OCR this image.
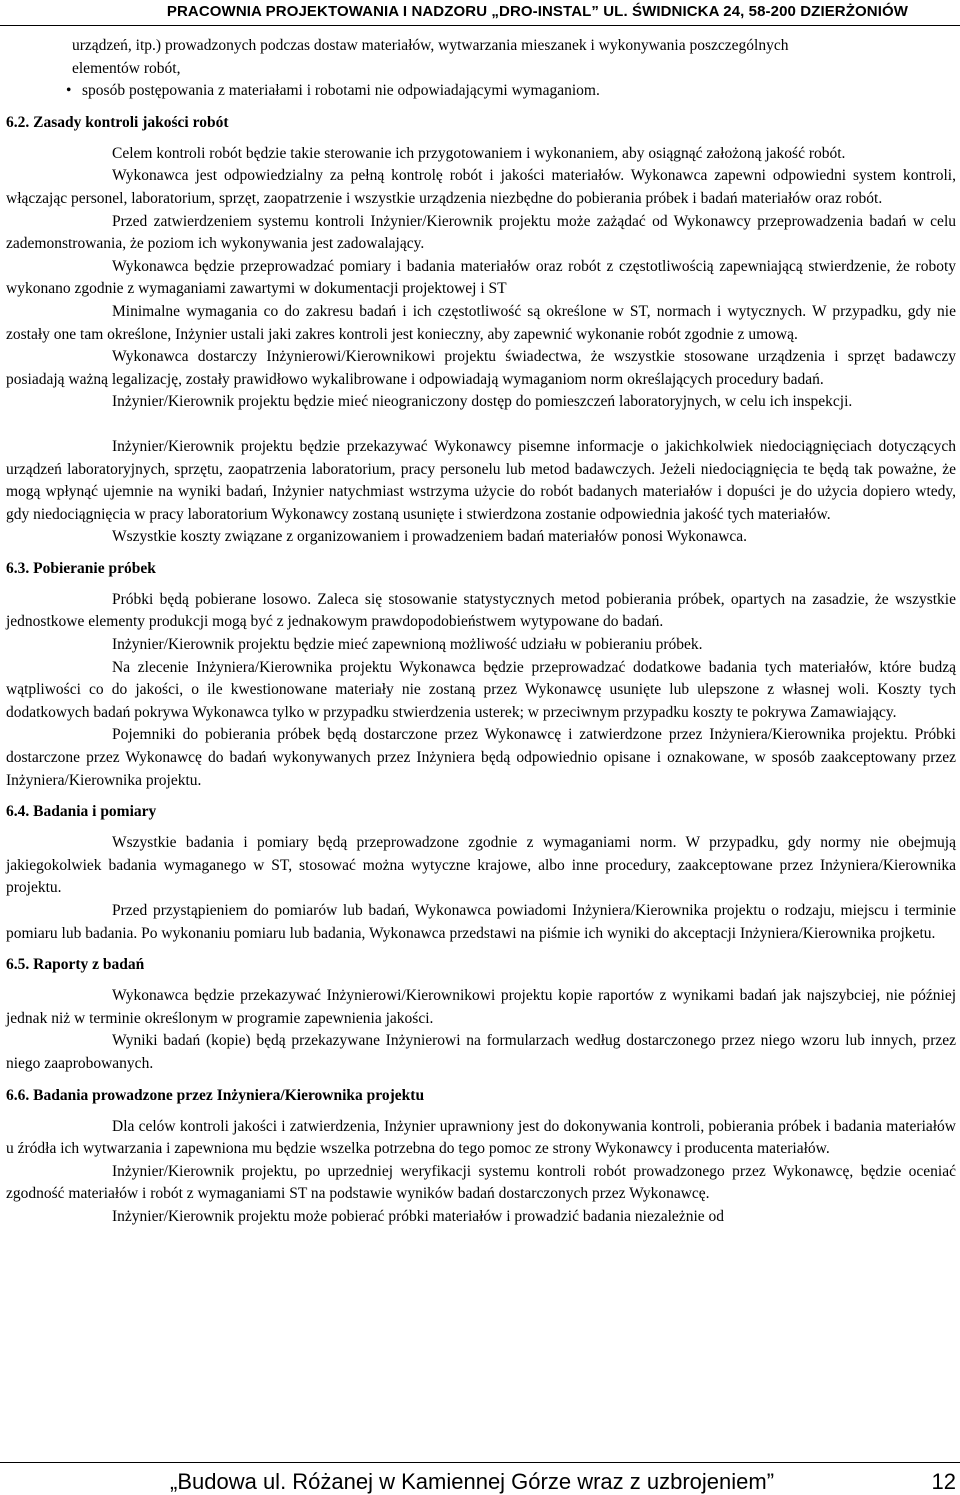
PRACOWNIA PROJEKTOWANIA I NADZORU „DRO-INSTAL” UL. ŚWIDNICKA 24, 58-200 DZIERŻONIÓW

urządzeń, itp.) prowadzonych podczas dostaw materiałów, wytwarzania mieszanek i wykonywania poszczególnych

elementów robót,

• sposób postępowania z materiałami i robotami nie odpowiadającymi wymaganiom.

6.2. Zasady kontroli jakości robót

Celem kontroli robót będzie takie sterowanie ich przygotowaniem i wykonaniem, aby osiągnąć założoną jakość robót.

Wykonawca jest odpowiedzialny za pełną kontrolę robót i jakości materiałów. Wykonawca zapewni odpowiedni system kontroli, włączając personel, laboratorium, sprzęt, zaopatrzenie i wszystkie urządzenia niezbędne do pobierania próbek i badań materiałów oraz robót.

Przed zatwierdzeniem systemu kontroli Inżynier/Kierownik projektu może zażądać od Wykonawcy przeprowadzenia badań w celu zademonstrowania, że poziom ich wykonywania jest zadowalający.

Wykonawca będzie przeprowadzać pomiary i badania materiałów oraz robót z częstotliwością zapewniającą stwierdzenie, że roboty wykonano zgodnie z wymaganiami zawartymi w dokumentacji projektowej i ST

Minimalne wymagania co do zakresu badań i ich częstotliwość są określone w ST, normach i wytycznych. W przypadku, gdy nie zostały one tam określone, Inżynier ustali jaki zakres kontroli jest konieczny, aby zapewnić wykonanie robót zgodnie z umową.

Wykonawca dostarczy Inżynierowi/Kierownikowi projektu świadectwa, że wszystkie stosowane urządzenia i sprzęt badawczy posiadają ważną legalizację, zostały prawidłowo wykalibrowane i odpowiadają wymaganiom norm określających procedury badań.

Inżynier/Kierownik projektu będzie mieć nieograniczony dostęp do pomieszczeń laboratoryjnych, w celu ich inspekcji.

Inżynier/Kierownik projektu będzie przekazywać Wykonawcy pisemne informacje o jakichkolwiek niedociągnięciach dotyczących urządzeń laboratoryjnych, sprzętu, zaopatrzenia laboratorium, pracy personelu lub metod badawczych. Jeżeli niedociągnięcia te będą tak poważne, że mogą wpłynąć ujemnie na wyniki badań, Inżynier natychmiast wstrzyma użycie do robót badanych materiałów i dopuści je do użycia dopiero wtedy, gdy niedociągnięcia w pracy laboratorium Wykonawcy zostaną usunięte i stwierdzona zostanie odpowiednia jakość tych materiałów.

Wszystkie koszty związane z organizowaniem i prowadzeniem badań materiałów ponosi Wykonawca.

6.3. Pobieranie próbek

Próbki będą pobierane losowo. Zaleca się stosowanie statystycznych metod pobierania próbek, opartych na zasadzie, że wszystkie jednostkowe elementy produkcji mogą być z jednakowym prawdopodobieństwem wytypowane do badań.

Inżynier/Kierownik projektu będzie mieć zapewnioną możliwość udziału w pobieraniu próbek.

Na zlecenie Inżyniera/Kierownika projektu Wykonawca będzie przeprowadzać dodatkowe badania tych materiałów, które budzą wątpliwości co do jakości, o ile kwestionowane materiały nie zostaną przez Wykonawcę usunięte lub ulepszone z własnej woli. Koszty tych dodatkowych badań pokrywa Wykonawca tylko w przypadku stwierdzenia usterek; w przeciwnym przypadku koszty te pokrywa Zamawiający.

Pojemniki do pobierania próbek będą dostarczone przez Wykonawcę i zatwierdzone przez Inżyniera/Kierownika projektu. Próbki dostarczone przez Wykonawcę do badań wykonywanych przez Inżyniera będą odpowiednio opisane i oznakowane, w sposób zaakceptowany przez Inżyniera/Kierownika projektu.

6.4. Badania i pomiary

Wszystkie badania i pomiary będą przeprowadzone zgodnie z wymaganiami norm. W przypadku, gdy normy nie obejmują jakiegokolwiek badania wymaganego w ST, stosować można wytyczne krajowe, albo inne procedury, zaakceptowane przez Inżyniera/Kierownika projektu.

Przed przystąpieniem do pomiarów lub badań, Wykonawca powiadomi Inżyniera/Kierownika projektu o rodzaju, miejscu i terminie pomiaru lub badania. Po wykonaniu pomiaru lub badania, Wykonawca przedstawi na piśmie ich wyniki do akceptacji Inżyniera/Kierownika projketu.

6.5. Raporty z badań

Wykonawca będzie przekazywać Inżynierowi/Kierownikowi projektu kopie raportów z wynikami badań jak najszybciej, nie później jednak niż w terminie określonym w programie zapewnienia jakości.

Wyniki badań (kopie) będą przekazywane Inżynierowi na formularzach według dostarczonego przez niego wzoru lub innych, przez niego zaaprobowanych.

6.6. Badania prowadzone przez Inżyniera/Kierownika projektu

Dla celów kontroli jakości i zatwierdzenia, Inżynier uprawniony jest do dokonywania kontroli, pobierania próbek i badania materiałów u źródła ich wytwarzania i zapewniona mu będzie wszelka potrzebna do tego pomoc ze strony Wykonawcy i producenta materiałów.

Inżynier/Kierownik projektu, po uprzedniej weryfikacji systemu kontroli robót prowadzonego przez Wykonawcę, będzie oceniać zgodność materiałów i robót z wymaganiami ST na podstawie wyników badań dostarczonych przez Wykonawcę.

Inżynier/Kierownik projektu może pobierać próbki materiałów i prowadzić badania niezależnie od

„Budowa ul. Różanej w Kamiennej Górze wraz z uzbrojeniem”	12
